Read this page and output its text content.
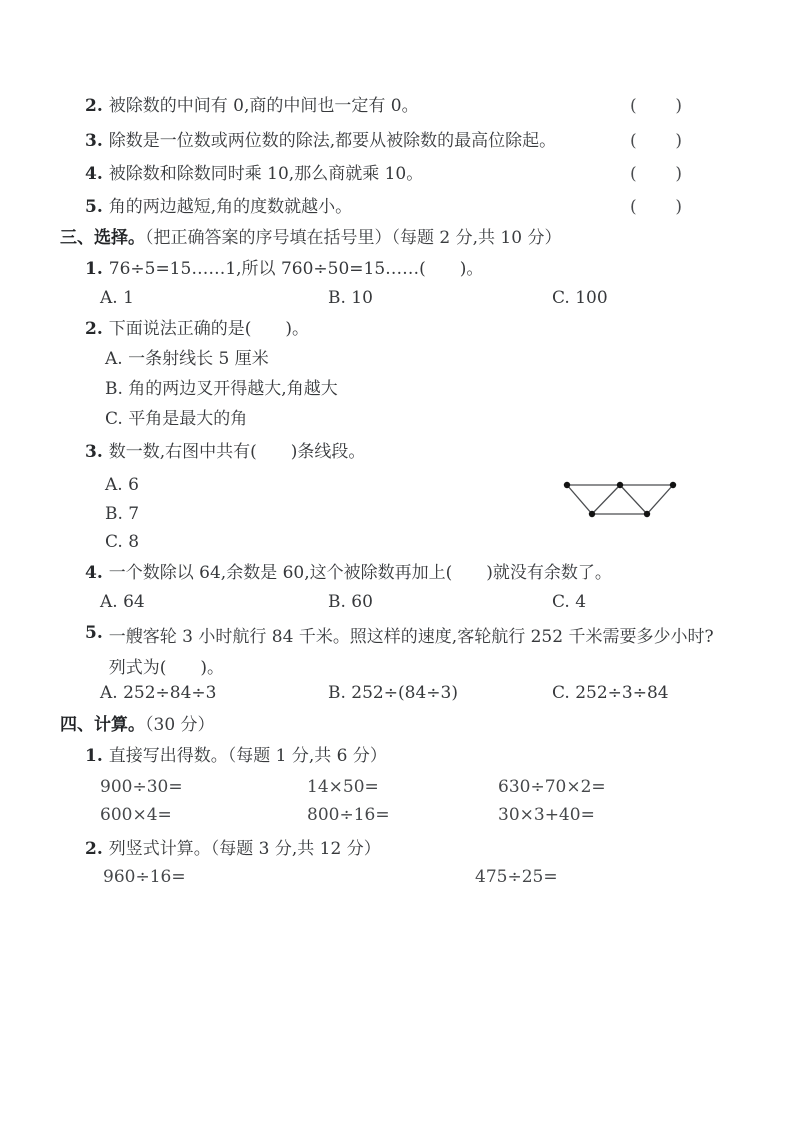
2. 被除数的中间有 0,商的中间也一定有 0。	( )
3. 除数是一位数或两位数的除法,都要从被除数的最高位除起。	( )
4. 被除数和除数同时乘 10,那么商就乘 10。	( )
5. 角的两边越短,角的度数就越小。	( )
三、选择。（把正确答案的序号填在括号里）（每题 2 分,共 10 分）
1. 76÷5=15……1,所以 760÷50=15……(　　)。
A. 1	B. 10	C. 100
2. 下面说法正确的是(　　)。
A. 一条射线长 5 厘米
B. 角的两边叉开得越大,角越大
C. 平角是最大的角
3. 数一数,右图中共有(　　)条线段。
A. 6
B. 7
C. 8
4. 一个数除以 64,余数是 60,这个被除数再加上(　　)就没有余数了。
A. 64	B. 60	C. 4
5. 一艘客轮 3 小时航行 84 千米。照这样的速度,客轮航行 252 千米需要多少小时? 列式为(　　)。
A. 252÷84÷3	B. 252÷(84÷3)	C. 252÷3÷84
四、计算。（30 分）
1. 直接写出得数。（每题 1 分,共 6 分）
900÷30=	14×50=	630÷70×2=
600×4=	800÷16=	30×3+40=
2. 列竖式计算。（每题 3 分,共 12 分）
960÷16=	475÷25=
